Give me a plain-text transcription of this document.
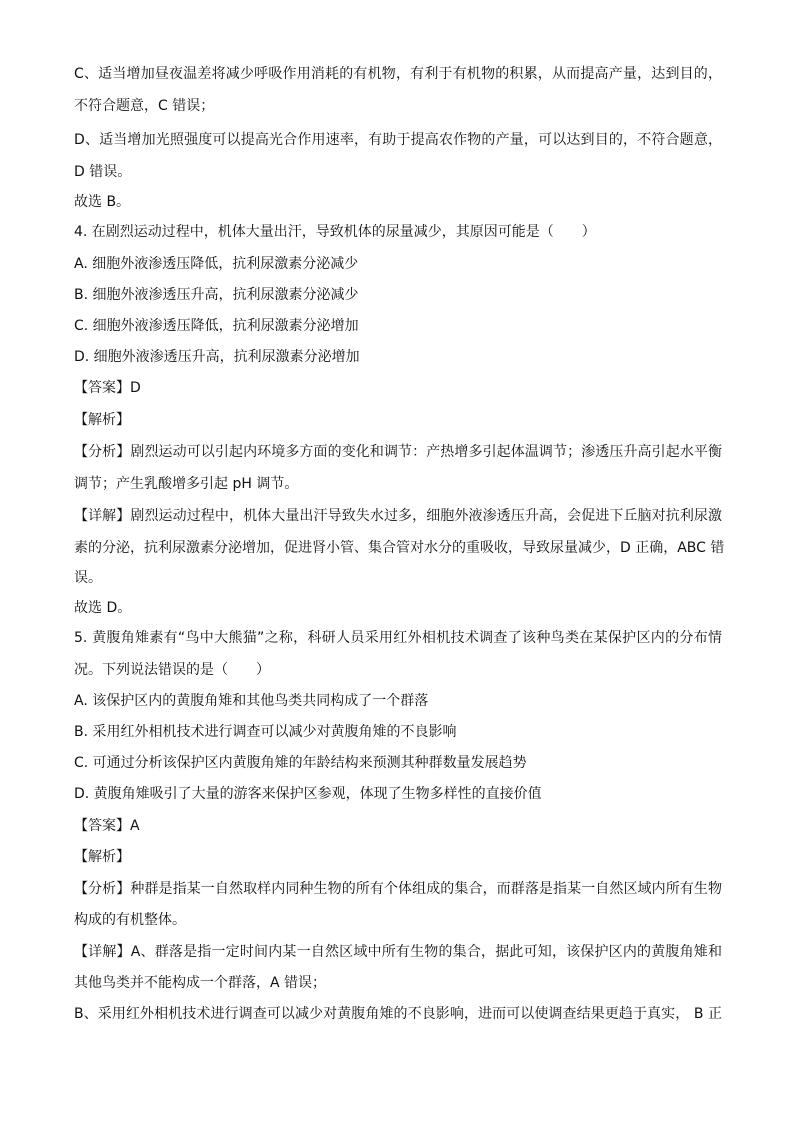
C、适当增加昼夜温差将减少呼吸作用消耗的有机物，有利于有机物的积累，从而提高产量，达到目的，
不符合题意，C 错误；
D、适当增加光照强度可以提高光合作用速率，有助于提高农作物的产量，可以达到目的，不符合题意，
D 错误。
故选 B。
4. 在剧烈运动过程中，机体大量出汗，导致机体的尿量减少，其原因可能是（　　）
A. 细胞外液渗透压降低，抗利尿激素分泌减少
B. 细胞外液渗透压升高，抗利尿激素分泌减少
C. 细胞外液渗透压降低，抗利尿激素分泌增加
D. 细胞外液渗透压升高，抗利尿激素分泌增加
【答案】D
【解析】
【分析】剧烈运动可以引起内环境多方面的变化和调节：产热增多引起体温调节；渗透压升高引起水平衡
调节；产生乳酸增多引起 pH 调节。
【详解】剧烈运动过程中，机体大量出汗导致失水过多，细胞外液渗透压升高，会促进下丘脑对抗利尿激
素的分泌，抗利尿激素分泌增加，促进肾小管、集合管对水分的重吸收，导致尿量减少，D 正确，ABC 错
误。
故选 D。
5. 黄腹角雉素有“鸟中大熊猫”之称，科研人员采用红外相机技术调查了该种鸟类在某保护区内的分布情
况。下列说法错误的是（　　）
A. 该保护区内的黄腹角雉和其他鸟类共同构成了一个群落
B. 采用红外相机技术进行调查可以减少对黄腹角雉的不良影响
C. 可通过分析该保护区内黄腹角雉的年龄结构来预测其种群数量发展趋势
D. 黄腹角雉吸引了大量的游客来保护区参观，体现了生物多样性的直接价值
【答案】A
【解析】
【分析】种群是指某一自然取样内同种生物的所有个体组成的集合，而群落是指某一自然区域内所有生物
构成的有机整体。
【详解】A、群落是指一定时间内某一自然区域中所有生物的集合，据此可知，该保护区内的黄腹角雉和
其他鸟类并不能构成一个群落，A 错误；
B、采用红外相机技术进行调查可以减少对黄腹角雉的不良影响，进而可以使调查结果更趋于真实， B 正
